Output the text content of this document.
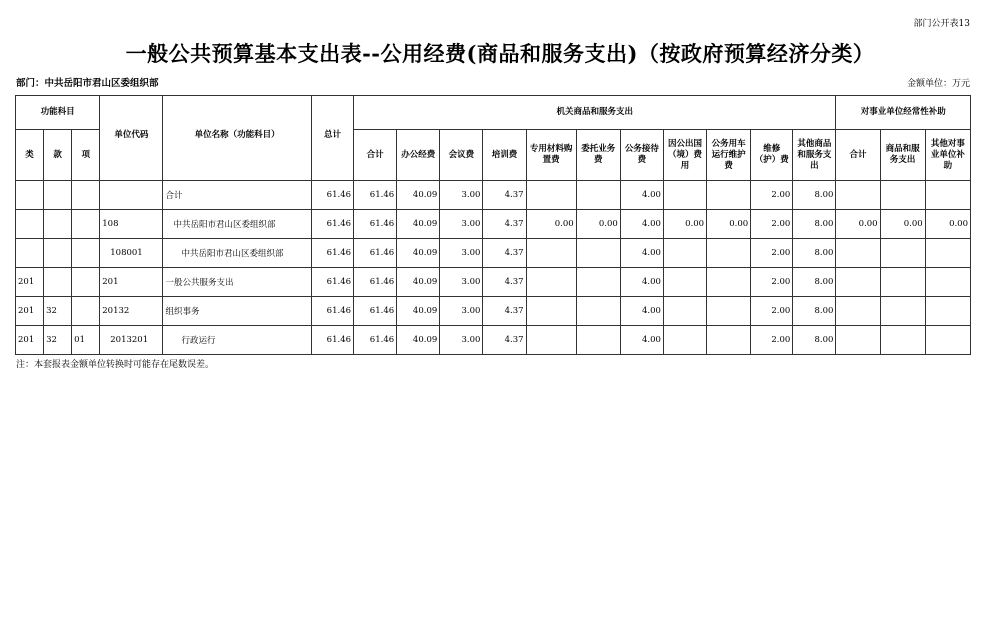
部门公开表13
一般公共预算基本支出表--公用经费(商品和服务支出)（按政府预算经济分类）
部门：中共岳阳市君山区委组织部	金额单位：万元
功能科目			单位代码	单位名称（功能科目）	总计	机关商品和服务支出											对事业单位经常性补助		
类	款	项				合计	办公经费	会议费	培训费	专用材料购置费	委托业务费	公务接待费	因公出国（境）费用	公务用车运行维护费	维修（护）费	其他商品和服务支出	合计	商品和服务支出	其他对事业单位补助
				合计	61.46	61.46	40.09	3.00	4.37			4.00			2.00	8.00			
			108	中共岳阳市君山区委组织部	61.46	61.46	40.09	3.00	4.37	0.00	0.00	4.00	0.00	0.00	2.00	8.00	0.00	0.00	0.00
			108001	中共岳阳市君山区委组织部	61.46	61.46	40.09	3.00	4.37			4.00			2.00	8.00			
201			201	一般公共服务支出	61.46	61.46	40.09	3.00	4.37			4.00			2.00	8.00			
201	32		20132	组织事务	61.46	61.46	40.09	3.00	4.37			4.00			2.00	8.00			
201	32	01	2013201	行政运行	61.46	61.46	40.09	3.00	4.37			4.00			2.00	8.00			
注：本套报表金额单位转换时可能存在尾数误差。
